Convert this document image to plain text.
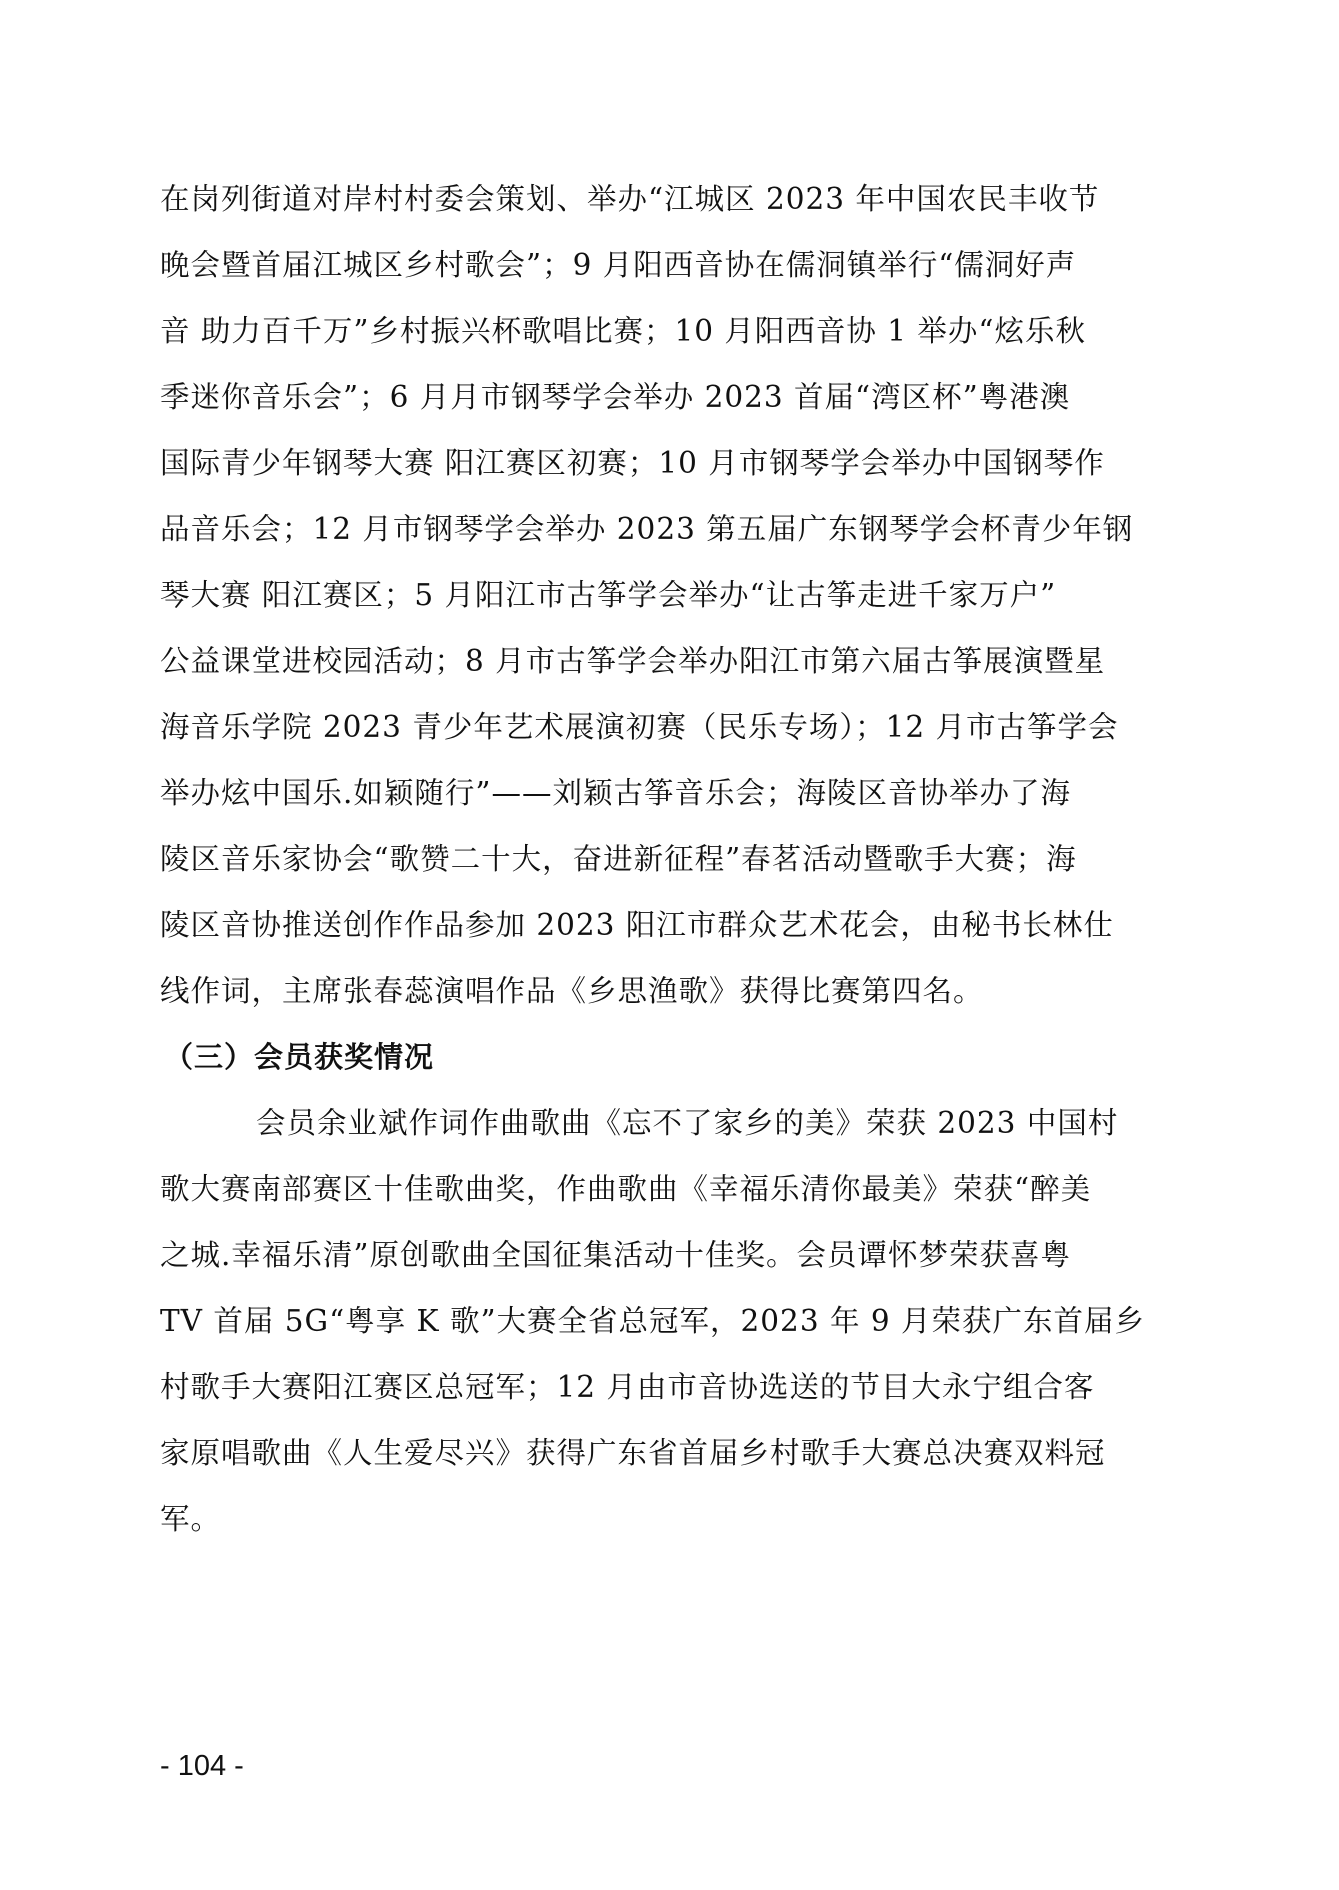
在岗列街道对岸村村委会策划、举办“江城区 2023 年中国农民丰收节
晚会暨首届江城区乡村歌会”；9 月阳西音协在儒洞镇举行“儒洞好声
音 助力百千万”乡村振兴杯歌唱比赛；10 月阳西音协 1 举办“炫乐秋
季迷你音乐会”；6 月月市钢琴学会举办 2023 首届“湾区杯”粤港澳
国际青少年钢琴大赛 阳江赛区初赛；10 月市钢琴学会举办中国钢琴作
品音乐会；12 月市钢琴学会举办 2023 第五届广东钢琴学会杯青少年钢
琴大赛 阳江赛区；5 月阳江市古筝学会举办“让古筝走进千家万户”
公益课堂进校园活动；8 月市古筝学会举办阳江市第六届古筝展演暨星
海音乐学院 2023 青少年艺术展演初赛（民乐专场）；12 月市古筝学会
举办炫中国乐.如颖随行”——刘颖古筝音乐会；海陵区音协举办了海
陵区音乐家协会“歌赞二十大，奋进新征程”春茗活动暨歌手大赛；海
陵区音协推送创作作品参加 2023 阳江市群众艺术花会，由秘书长林仕
线作词，主席张春蕊演唱作品《乡思渔歌》获得比赛第四名。
（三）会员获奖情况
会员余业斌作词作曲歌曲《忘不了家乡的美》荣获 2023 中国村
歌大赛南部赛区十佳歌曲奖，作曲歌曲《幸福乐清你最美》荣获“醉美
之城.幸福乐清”原创歌曲全国征集活动十佳奖。会员谭怀梦荣获喜粤
TV 首届 5G“粤享 K 歌”大赛全省总冠军，2023 年 9 月荣获广东首届乡
村歌手大赛阳江赛区总冠军；12 月由市音协选送的节目大永宁组合客
家原唱歌曲《人生爱尽兴》获得广东省首届乡村歌手大赛总决赛双料冠
军。
- 104 -
